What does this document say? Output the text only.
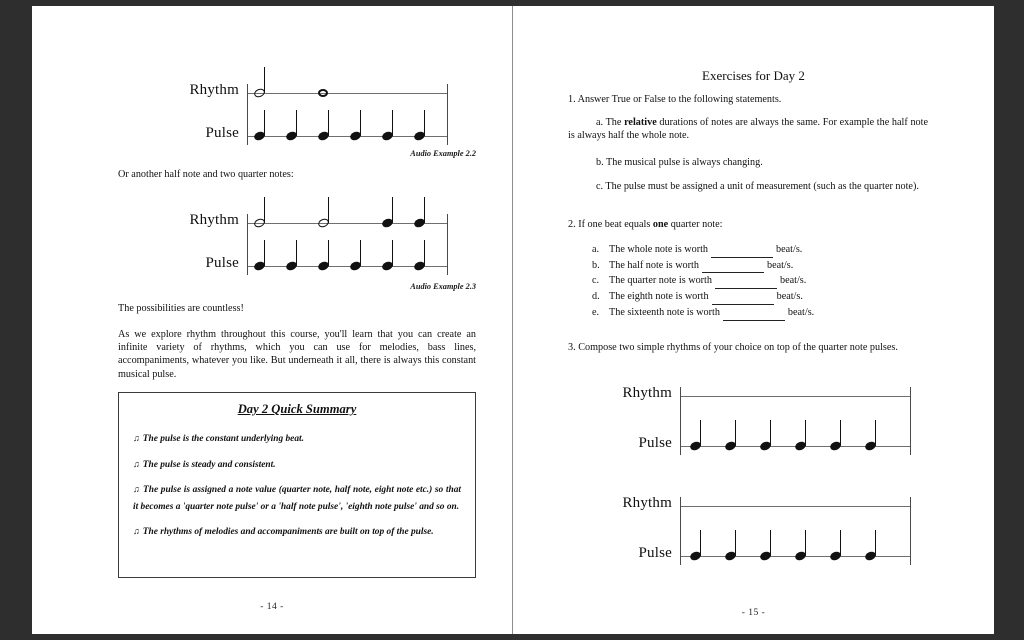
Rhythm
Pulse
Audio Example 2.2
Or another half note and two quarter notes:
Rhythm
Pulse
Audio Example 2.3
The possibilities are countless!
As we explore rhythm throughout this course, you'll learn that you can create an infinite variety of rhythms, which you can use for melodies, bass lines, accompaniments, whatever you like. But underneath it all, there is always this constant musical pulse.
Day 2 Quick Summary
♫ The pulse is the constant underlying beat.
♫ The pulse is steady and consistent.
♫ The pulse is assigned a note value (quarter note, half note, eight note etc.) so that it becomes a 'quarter note pulse' or a 'half note pulse', 'eighth note pulse' and so on.
♫ The rhythms of melodies and accompaniments are built on top of the pulse.
- 14 -
Exercises for Day 2
1. Answer True or False to the following statements.
a. The relative durations of notes are always the same. For example the half note is always half the whole note.
b. The musical pulse is always changing.
c. The pulse must be assigned a unit of measurement (such as the quarter note).
2. If one beat equals one quarter note:
a. The whole note is worth	beat/s.
b. The half note is worth	beat/s.
c. The quarter note is worth	beat/s.
d. The eighth note is worth	beat/s.
e. The sixteenth note is worth	beat/s.
3. Compose two simple rhythms of your choice on top of the quarter note pulses.
Rhythm
Pulse
Rhythm
Pulse
- 15 -
